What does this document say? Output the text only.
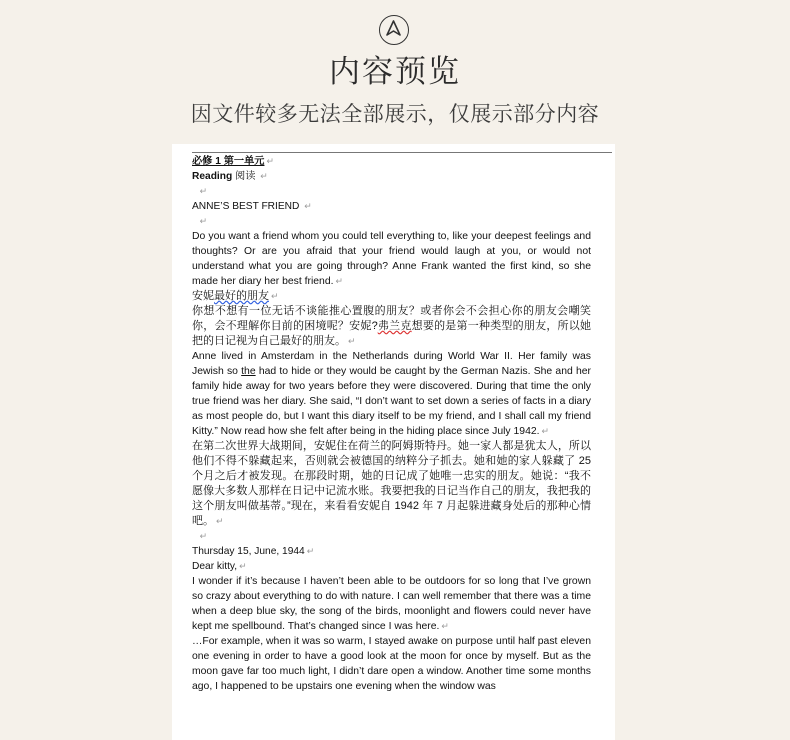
内容预览
因文件较多无法全部展示，仅展示部分内容

必修 1 第一单元 ↵

Reading 阅读 ↵

↵

ANNE’S BEST FRIEND ↵

↵

Do you want a friend whom you could tell everything to, like your deepest feelings and thoughts? Or are you afraid that your friend would laugh at you, or would not understand what you are going through? Anne Frank wanted the first kind, so she made her diary her best friend. ↵

安妮最好的朋友 ↵

你想不想有一位无话不谈能推心置腹的朋友？或者你会不会担心你的朋友会嘲笑你，会不理解你目前的困境呢？安妮?弗兰克想要的是第一种类型的朋友，所以她把的日记视为自己最好的朋友。 ↵

Anne lived in Amsterdam in the Netherlands during World War II. Her family was Jewish so the had to hide or they would be caught by the German Nazis. She and her family hide away for two years before they were discovered. During that time the only true friend was her diary. She said, “I don’t want to set down a series of facts in a diary as most people do, but I want this diary itself to be my friend, and I shall call my friend Kitty.” Now read how she felt after being in the hiding place since July 1942. ↵

在第二次世界大战期间，安妮住在荷兰的阿姆斯特丹。她一家人都是犹太人，所以他们不得不躲藏起来，否则就会被德国的纳粹分子抓去。她和她的家人躲藏了 25 个月之后才被发现。在那段时期，她的日记成了她唯一忠实的朋友。她说：“我不愿像大多数人那样在日记中记流水账。我要把我的日记当作自己的朋友，我把我的这个朋友叫做基蒂。”现在，来看看安妮自 1942 年 7 月起躲进藏身处后的那种心情吧。 ↵

↵

Thursday 15, June, 1944 ↵

Dear kitty, ↵

I wonder if it’s because I haven’t been able to be outdoors for so long that I’ve grown so crazy about everything to do with nature. I can well remember that there was a time when a deep blue sky, the song of the birds, moonlight and flowers could never have kept me spellbound. That’s changed since I was here. ↵

…For example, when it was so warm, I stayed awake on purpose until half past eleven one evening in order to have a good look at the moon for once by myself. But as the moon gave far too much light, I didn’t dare open a window. Another time some months ago, I happened to be upstairs one evening when the window was
